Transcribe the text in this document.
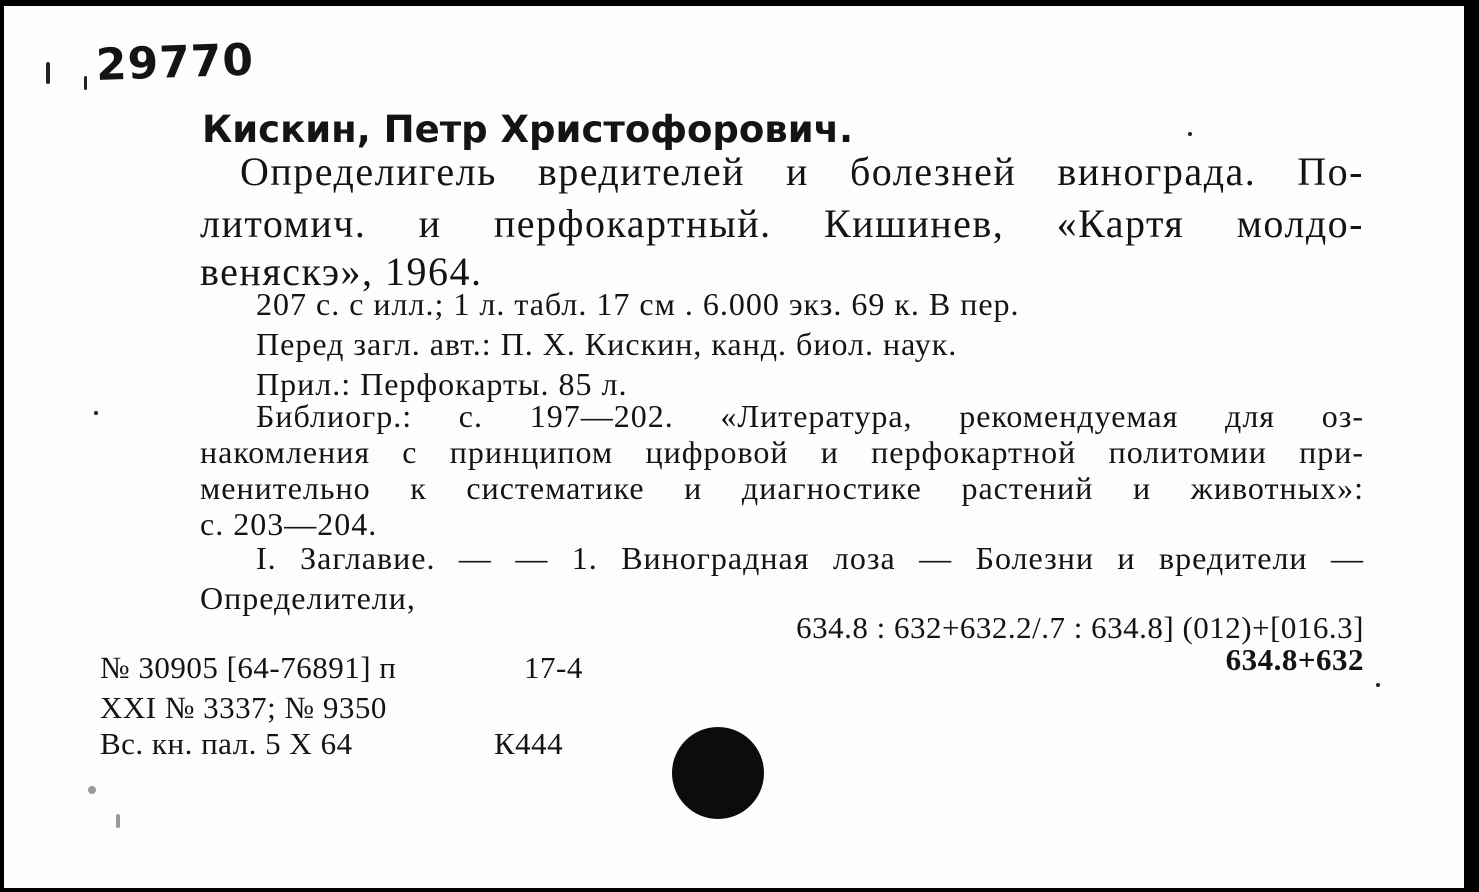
29770
Кискин, Петр Христофорович.
Определигель вредителей и болезней винограда. По-
литомич. и перфокартный. Кишинев, «Картя молдо-
веняскэ», 1964.
207 с. с илл.; 1 л. табл. 17 см . 6.000 экз. 69 к. В пер.
Перед загл. авт.: П. Х. Кискин, канд. биол. наук.
Прил.: Перфокарты. 85 л.
Библиогр.: с. 197—202. «Литература, рекомендуемая для оз-
накомления с принципом цифровой и перфокартной политомии при-
менительно к систематике и диагностике растений и животных»:
с. 203—204.
I. Заглавие. — — 1. Виноградная лоза — Болезни и вредители —
Определители,
634.8 : 632+632.2/.7 : 634.8] (012)+[016.3]
634.8+632
№ 30905 [64-76891] п	17-4
XXI № 3337; № 9350
Вс. кн. пал. 5 Х 64	К444
